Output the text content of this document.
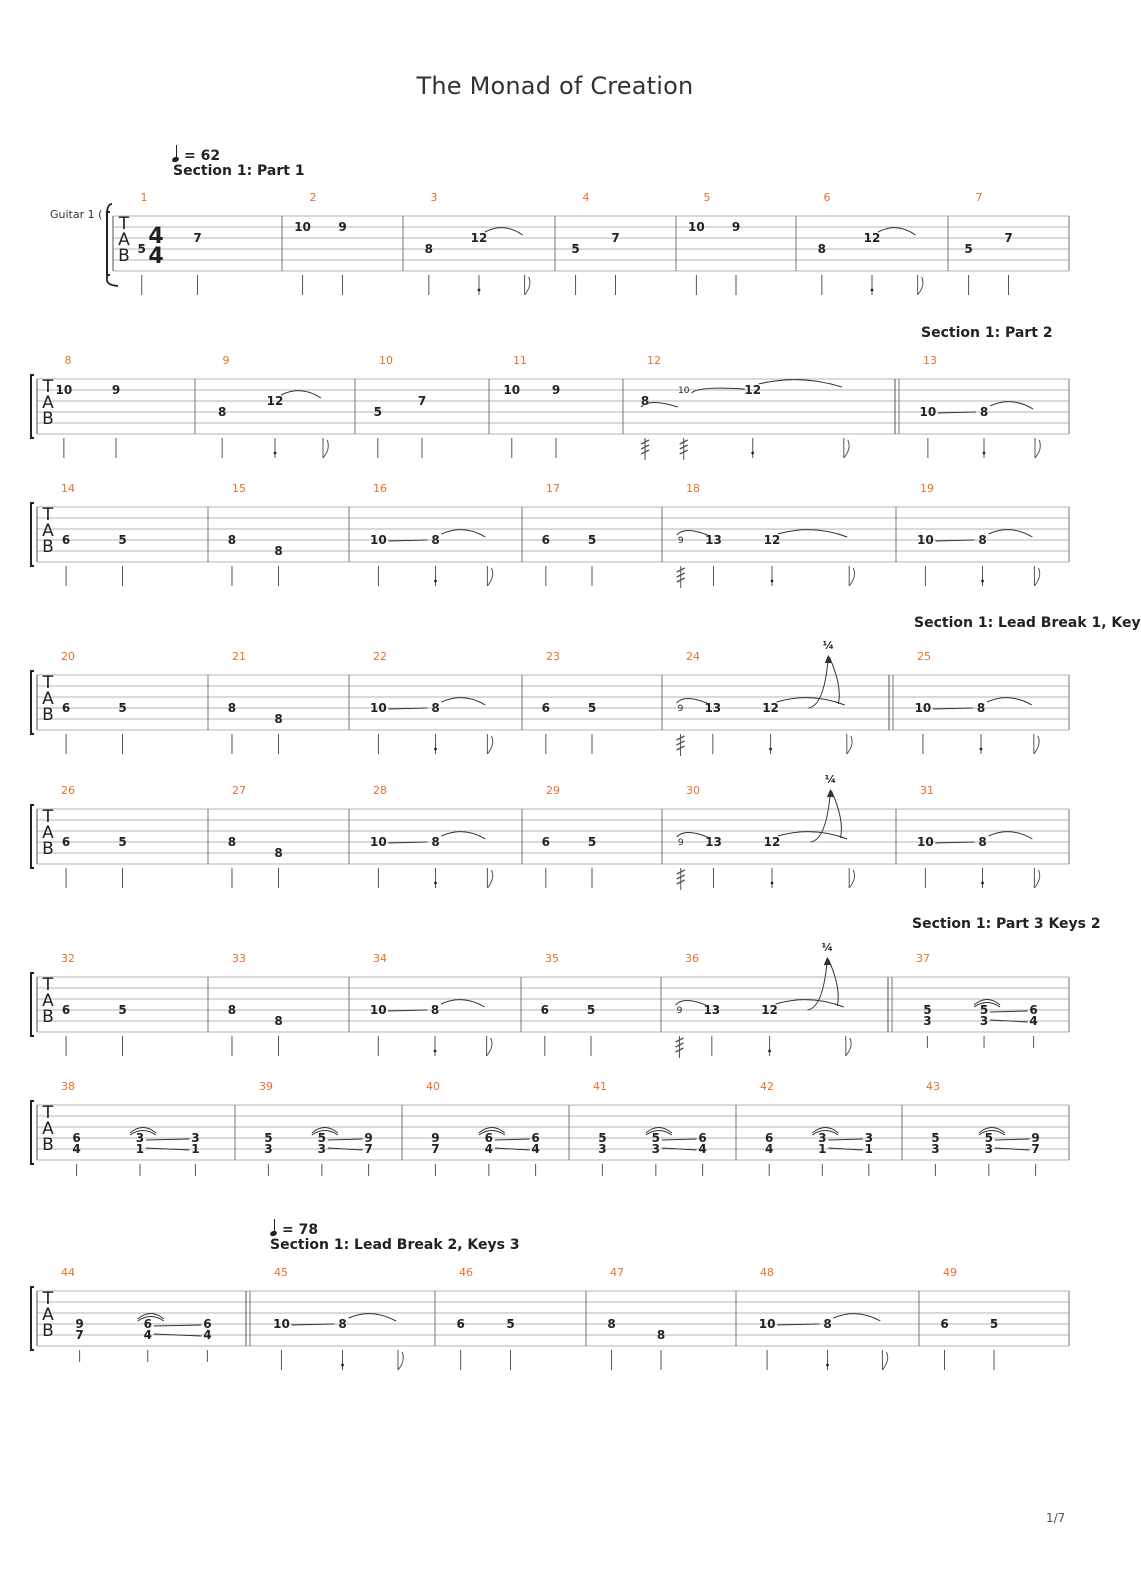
The Monad of Creation
= 62
Section 1: Part 1
Guitar 1 (
Section 1: Part 2
Section 1: Lead Break 1, Key
Section 1: Part 3 Keys 2
= 78
Section 1: Lead Break 2, Keys 3
T
A
B
4
4
1
5
7
2
10 9
3
8
12
4
5
7
5
10 9
6
8
12
7
5
7
T
A
B
8
10	9
9
8
12
10
5
7
11
10	9
12
8
10	12
13
10	8
T
A
B
14
6	5
15
8
8
16
10	8
17
6	5
18
9 13	12
19
10	8
T
A
B
20
6	5
21
8
8
22
10	8
23
6	5
24
9 13	12
¼
25
10	8
T
A
B
26
6	5
27
8
8
28
10	8
29
6	5
30
9 13	12
¼
31
10	8
T
A
B
32
6	5
33
8
8
34
10	8
35
6	5
36
9 13	12
¼
37
5
3
5
3
6
4
T
A
B
38
6
4
3
1
3
1
39
5
3
5
3
9
7
40
9
7
6
4
6
4
41
5
3
5
3
6
4
42
6
4
3
1
3
1
43
5
3
5
3
9
7
T
A
B
44
9
7
6
4
6
4
45
10	8
46
6	5
47
8
8
48
10	8
49
6	5
1/7
